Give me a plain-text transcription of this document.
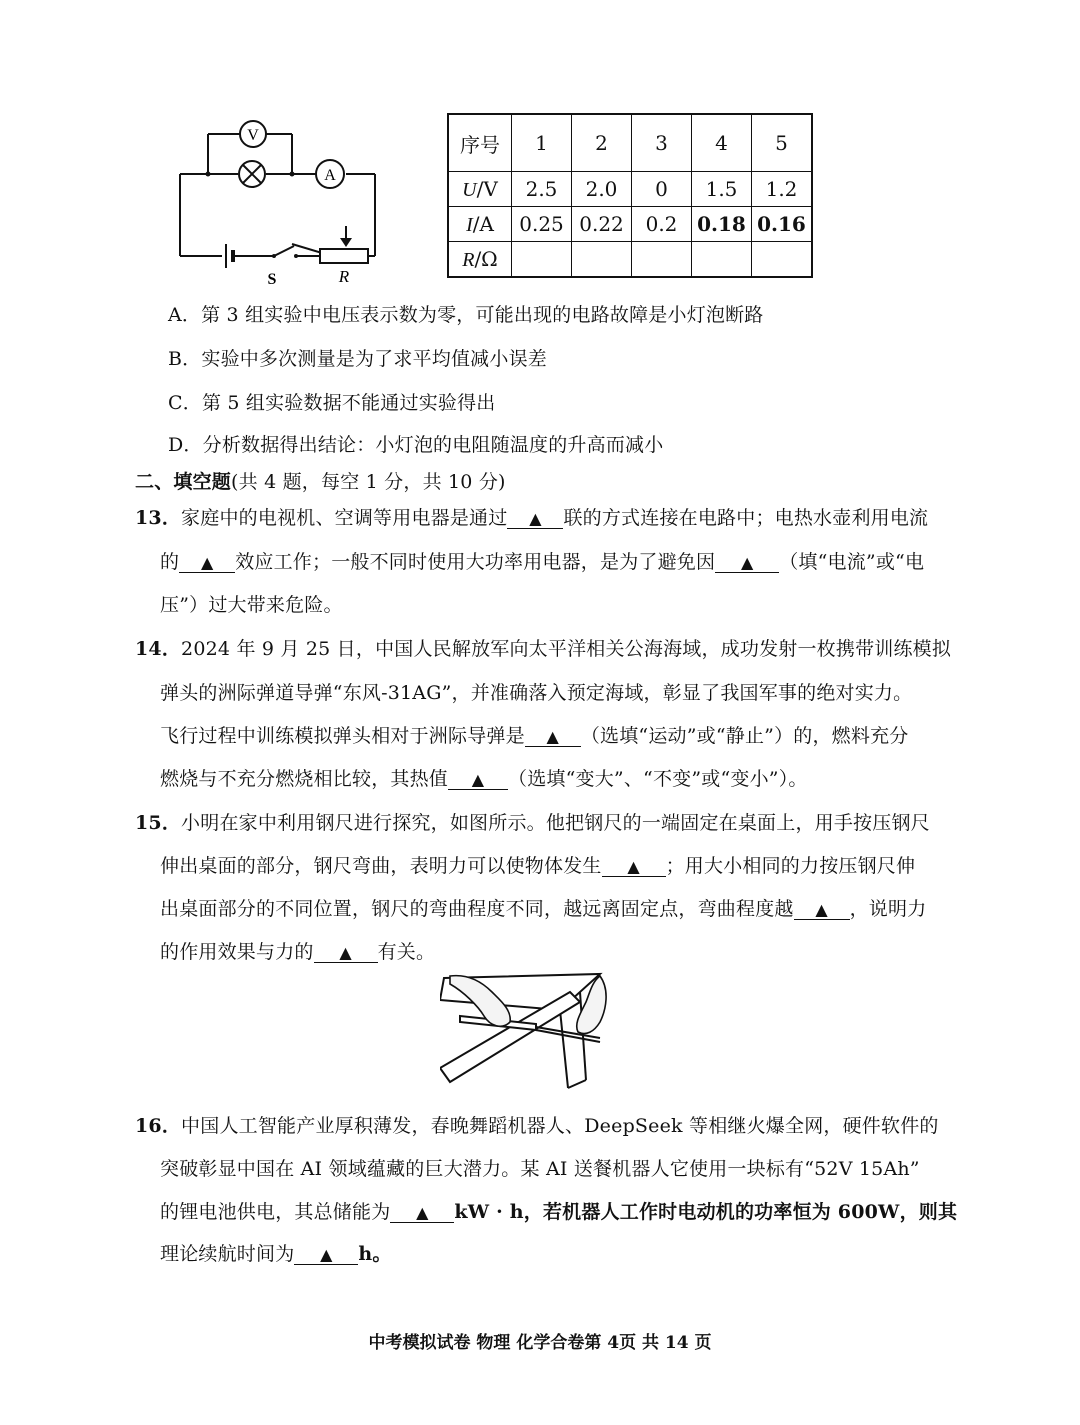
V
A
S	R
序号	1	2	3	4	5
U/V	2.5	2.0	0	1.5	1.2
I/A	0.25	0.22	0.2	0.18	0.16
R/Ω					
A．第 3 组实验中电压表示数为零，可能出现的电路故障是小灯泡断路
B．实验中多次测量是为了求平均值减小误差
C．第 5 组实验数据不能通过实验得出
D．分析数据得出结论：小灯泡的电阻随温度的升高而减小
二、填空题(共 4 题，每空 1 分，共 10 分)
13．家庭中的电视机、空调等用电器是通过 ▲ 联的方式连接在电路中；电热水壶利用电流
的 ▲ 效应工作；一般不同时使用大功率用电器，是为了避免因 ▲ （填“电流”或“电
压”）过大带来危险。
14．2024 年 9 月 25 日，中国人民解放军向太平洋相关公海海域，成功发射一枚携带训练模拟
弹头的洲际弹道导弹“东风-31AG”，并准确落入预定海域，彰显了我国军事的绝对实力。
飞行过程中训练模拟弹头相对于洲际导弹是 ▲ （选填“运动”或“静止”）的，燃料充分
燃烧与不充分燃烧相比较，其热值 ▲ （选填“变大”、“不变”或“变小”）。
15．小明在家中利用钢尺进行探究，如图所示。他把钢尺的一端固定在桌面上，用手按压钢尺
伸出桌面的部分，钢尺弯曲，表明力可以使物体发生 ▲ ；用大小相同的力按压钢尺伸
出桌面部分的不同位置，钢尺的弯曲程度不同，越远离固定点，弯曲程度越 ▲ ，说明力
的作用效果与力的 ▲ 有关。
16．中国人工智能产业厚积薄发，春晚舞蹈机器人、DeepSeek 等相继火爆全网，硬件软件的
突破彰显中国在 AI 领域蕴藏的巨大潜力。某 AI 送餐机器人它使用一块标有“52V 15Ah”
的锂电池供电，其总储能为 ▲ kW · h，若机器人工作时电动机的功率恒为 600W，则其
理论续航时间为 ▲ h。
中考模拟试卷 物理 化学合卷第 4页 共 14 页
